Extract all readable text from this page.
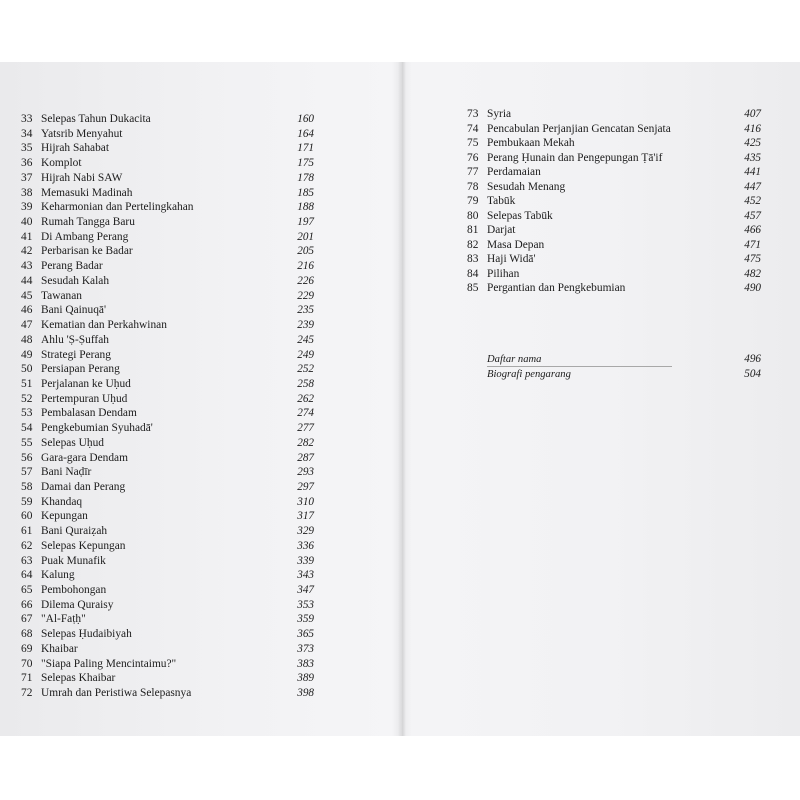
33 Selepas Tahun Dukacita	160
34 Yatsrib Menyahut	164
35 Hijrah Sahabat	171
36 Komplot	175
37 Hijrah Nabi SAW	178
38 Memasuki Madinah	185
39 Keharmonian dan Pertelingkahan	188
40 Rumah Tangga Baru	197
41 Di Ambang Perang	201
42 Perbarisan ke Badar	205
43 Perang Badar	216
44 Sesudah Kalah	226
45 Tawanan	229
46 Bani Qainuqā'	235
47 Kematian dan Perkahwinan	239
48 Ahlu 'Ṣ-Ṣuffah	245
49 Strategi Perang	249
50 Persiapan Perang	252
51 Perjalanan ke Uḥud	258
52 Pertempuran Uḥud	262
53 Pembalasan Dendam	274
54 Pengkebumian Syuhadā'	277
55 Selepas Uḥud	282
56 Gara-gara Dendam	287
57 Bani Naḍīr	293
58 Damai dan Perang	297
59 Khandaq	310
60 Kepungan	317
61 Bani Quraiẓah	329
62 Selepas Kepungan	336
63 Puak Munafik	339
64 Kalung	343
65 Pembohongan	347
66 Dilema Quraisy	353
67 "Al-Faṭḥ"	359
68 Selepas Ḥudaibiyah	365
69 Khaibar	373
70 "Siapa Paling Mencintaimu?"	383
71 Selepas Khaibar	389
72 Umrah dan Peristiwa Selepasnya	398
73 Syria	407
74 Pencabulan Perjanjian Gencatan Senjata	416
75 Pembukaan Mekah	425
76 Perang Ḥunain dan Pengepungan Ṭā'if	435
77 Perdamaian	441
78 Sesudah Menang	447
79 Tabūk	452
80 Selepas Tabūk	457
81 Darjat	466
82 Masa Depan	471
83 Haji Widā'	475
84 Pilihan	482
85 Pergantian dan Pengkebumian	490
Daftar nama	496
Biografi pengarang	504
